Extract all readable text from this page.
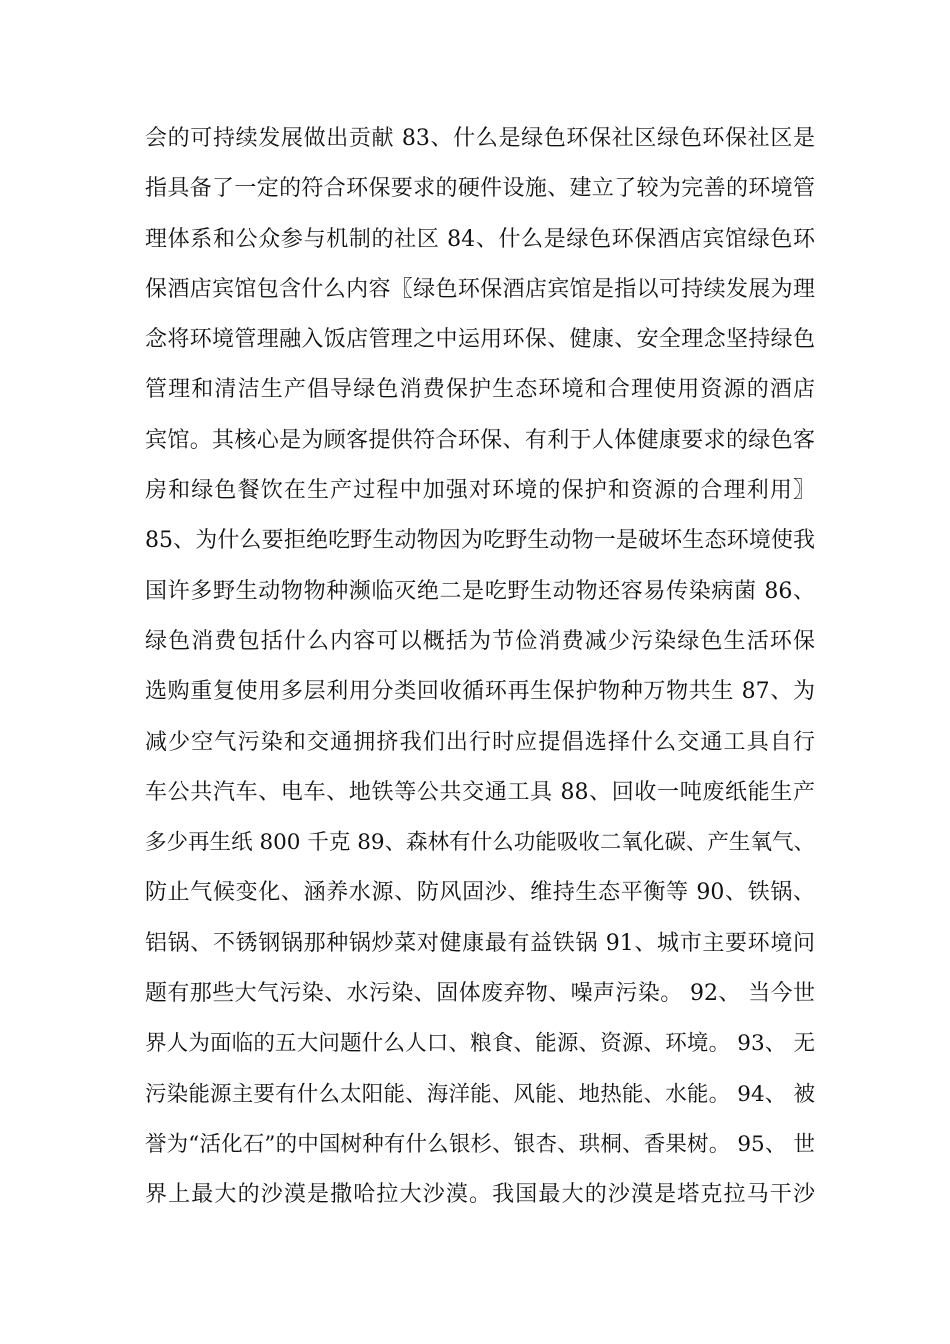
会的可持续发展做出贡献 83、什么是绿色环保社区绿色环保社区是
指具备了一定的符合环保要求的硬件设施、建立了较为完善的环境管
理体系和公众参与机制的社区 84、什么是绿色环保酒店宾馆绿色环
保酒店宾馆包含什么内容〖绿色环保酒店宾馆是指以可持续发展为理
念将环境管理融入饭店管理之中运用环保、健康、安全理念坚持绿色
管理和清洁生产倡导绿色消费保护生态环境和合理使用资源的酒店
宾馆。其核心是为顾客提供符合环保、有利于人体健康要求的绿色客
房和绿色餐饮在生产过程中加强对环境的保护和资源的合理利用〗
85、为什么要拒绝吃野生动物因为吃野生动物一是破坏生态环境使我
国许多野生动物物种濒临灭绝二是吃野生动物还容易传染病菌 86、
绿色消费包括什么内容可以概括为节俭消费减少污染绿色生活环保
选购重复使用多层利用分类回收循环再生保护物种万物共生 87、为
减少空气污染和交通拥挤我们出行时应提倡选择什么交通工具自行
车公共汽车、电车、地铁等公共交通工具 88、回收一吨废纸能生产
多少再生纸 800 千克 89、森林有什么功能吸收二氧化碳、产生氧气、
防止气候变化、涵养水源、防风固沙、维持生态平衡等 90、铁锅、
铝锅、不锈钢锅那种锅炒菜对健康最有益铁锅 91、城市主要环境问
题有那些大气污染、水污染、固体废弃物、噪声污染。 92、 当今世
界人为面临的五大问题什么人口、粮食、能源、资源、环境。 93、 无
污染能源主要有什么太阳能、海洋能、风能、地热能、水能。 94、 被
誉为“活化石”的中国树种有什么银杉、银杏、珙桐、香果树。 95、 世
界上最大的沙漠是撒哈拉大沙漠。我国最大的沙漠是塔克拉马干沙
